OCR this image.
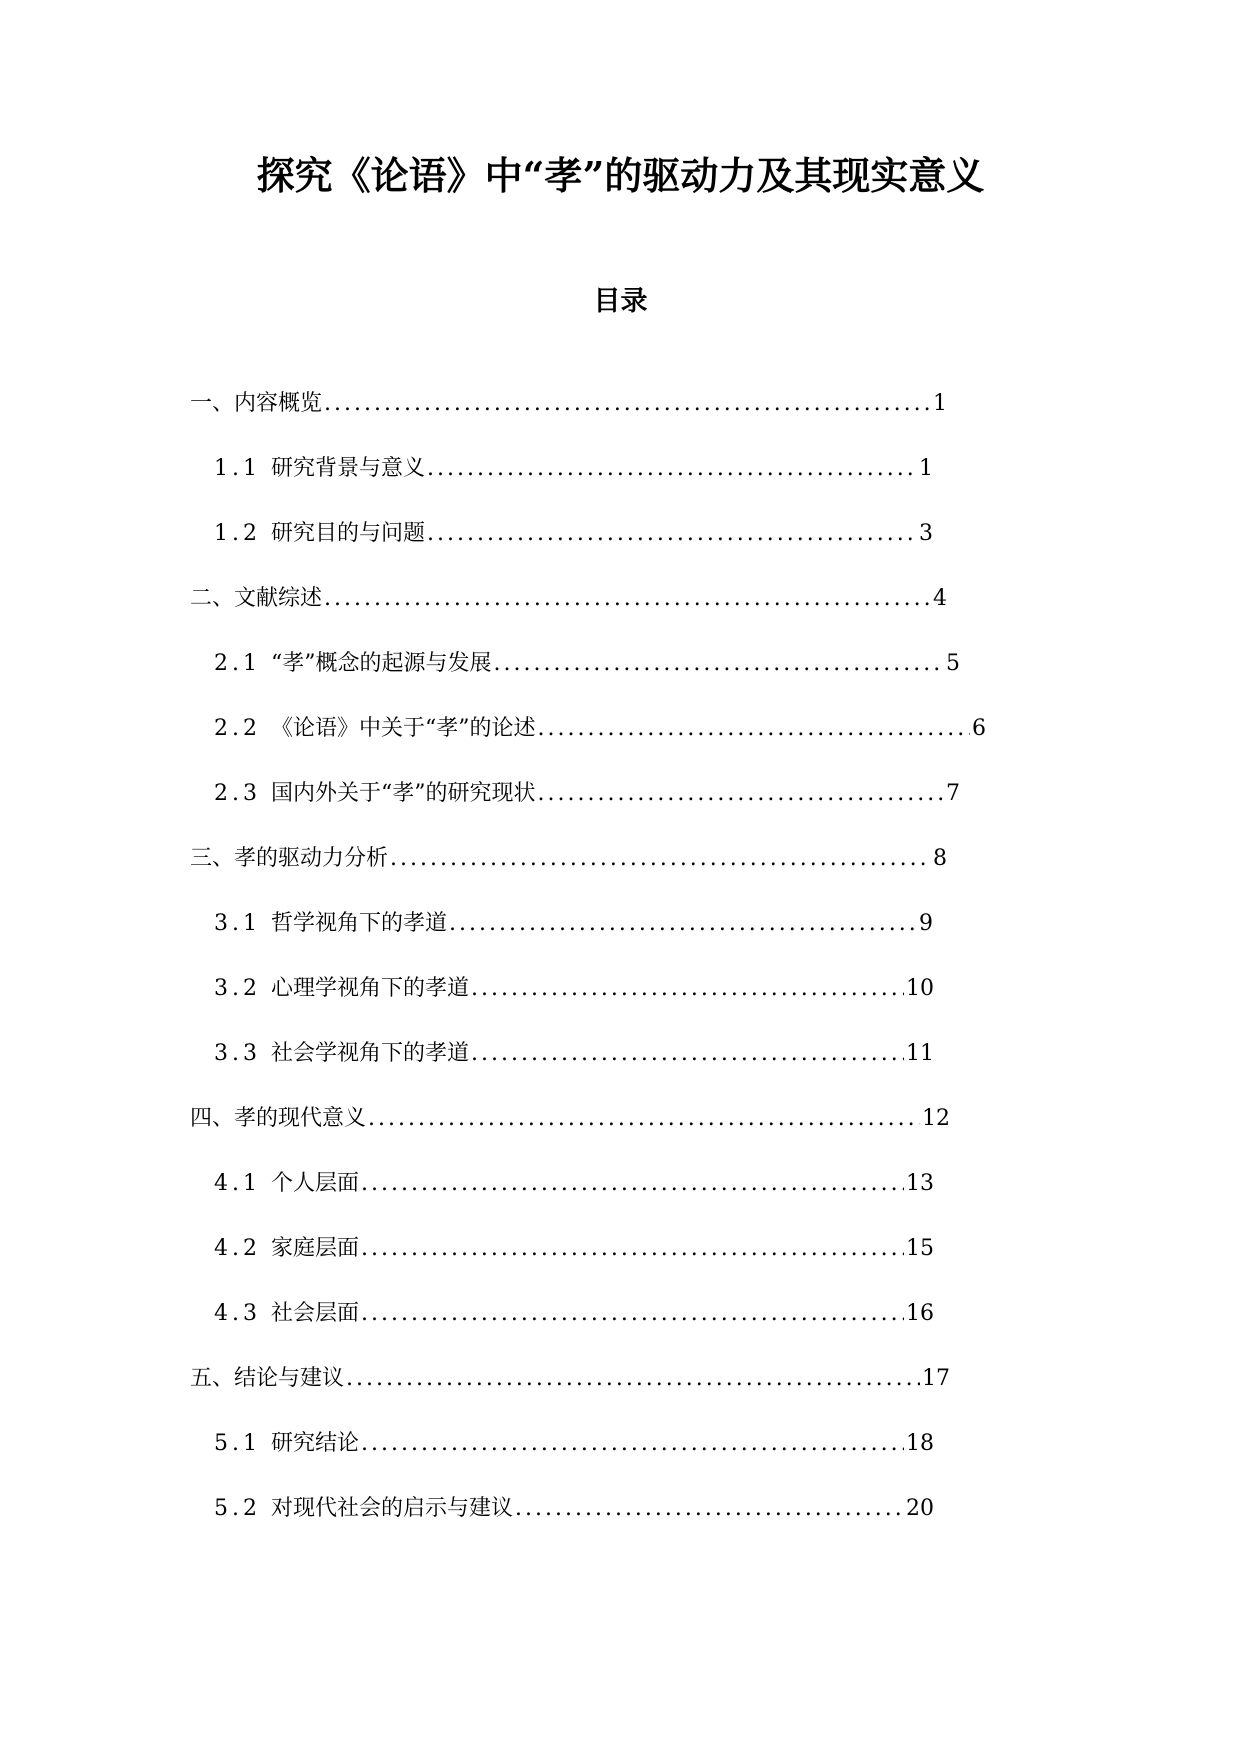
探究《论语》中“孝”的驱动力及其现实意义
目录
一、内容概览 .....	1
1.1 研究背景与意义 .....	1
1.2 研究目的与问题 .....	3
二、文献综述 .....	4
2.1 “孝”概念的起源与发展 .....	5
2.2 《论语》中关于“孝”的论述 .....	6
2.3 国内外关于“孝”的研究现状 .....	7
三、孝的驱动力分析 .....	8
3.1 哲学视角下的孝道 .....	9
3.2 心理学视角下的孝道 .....	10
3.3 社会学视角下的孝道 .....	11
四、孝的现代意义 .....	12
4.1 个人层面 .....	13
4.2 家庭层面 .....	15
4.3 社会层面 .....	16
五、结论与建议 .....	17
5.1 研究结论 .....	18
5.2 对现代社会的启示与建议 .....	20
